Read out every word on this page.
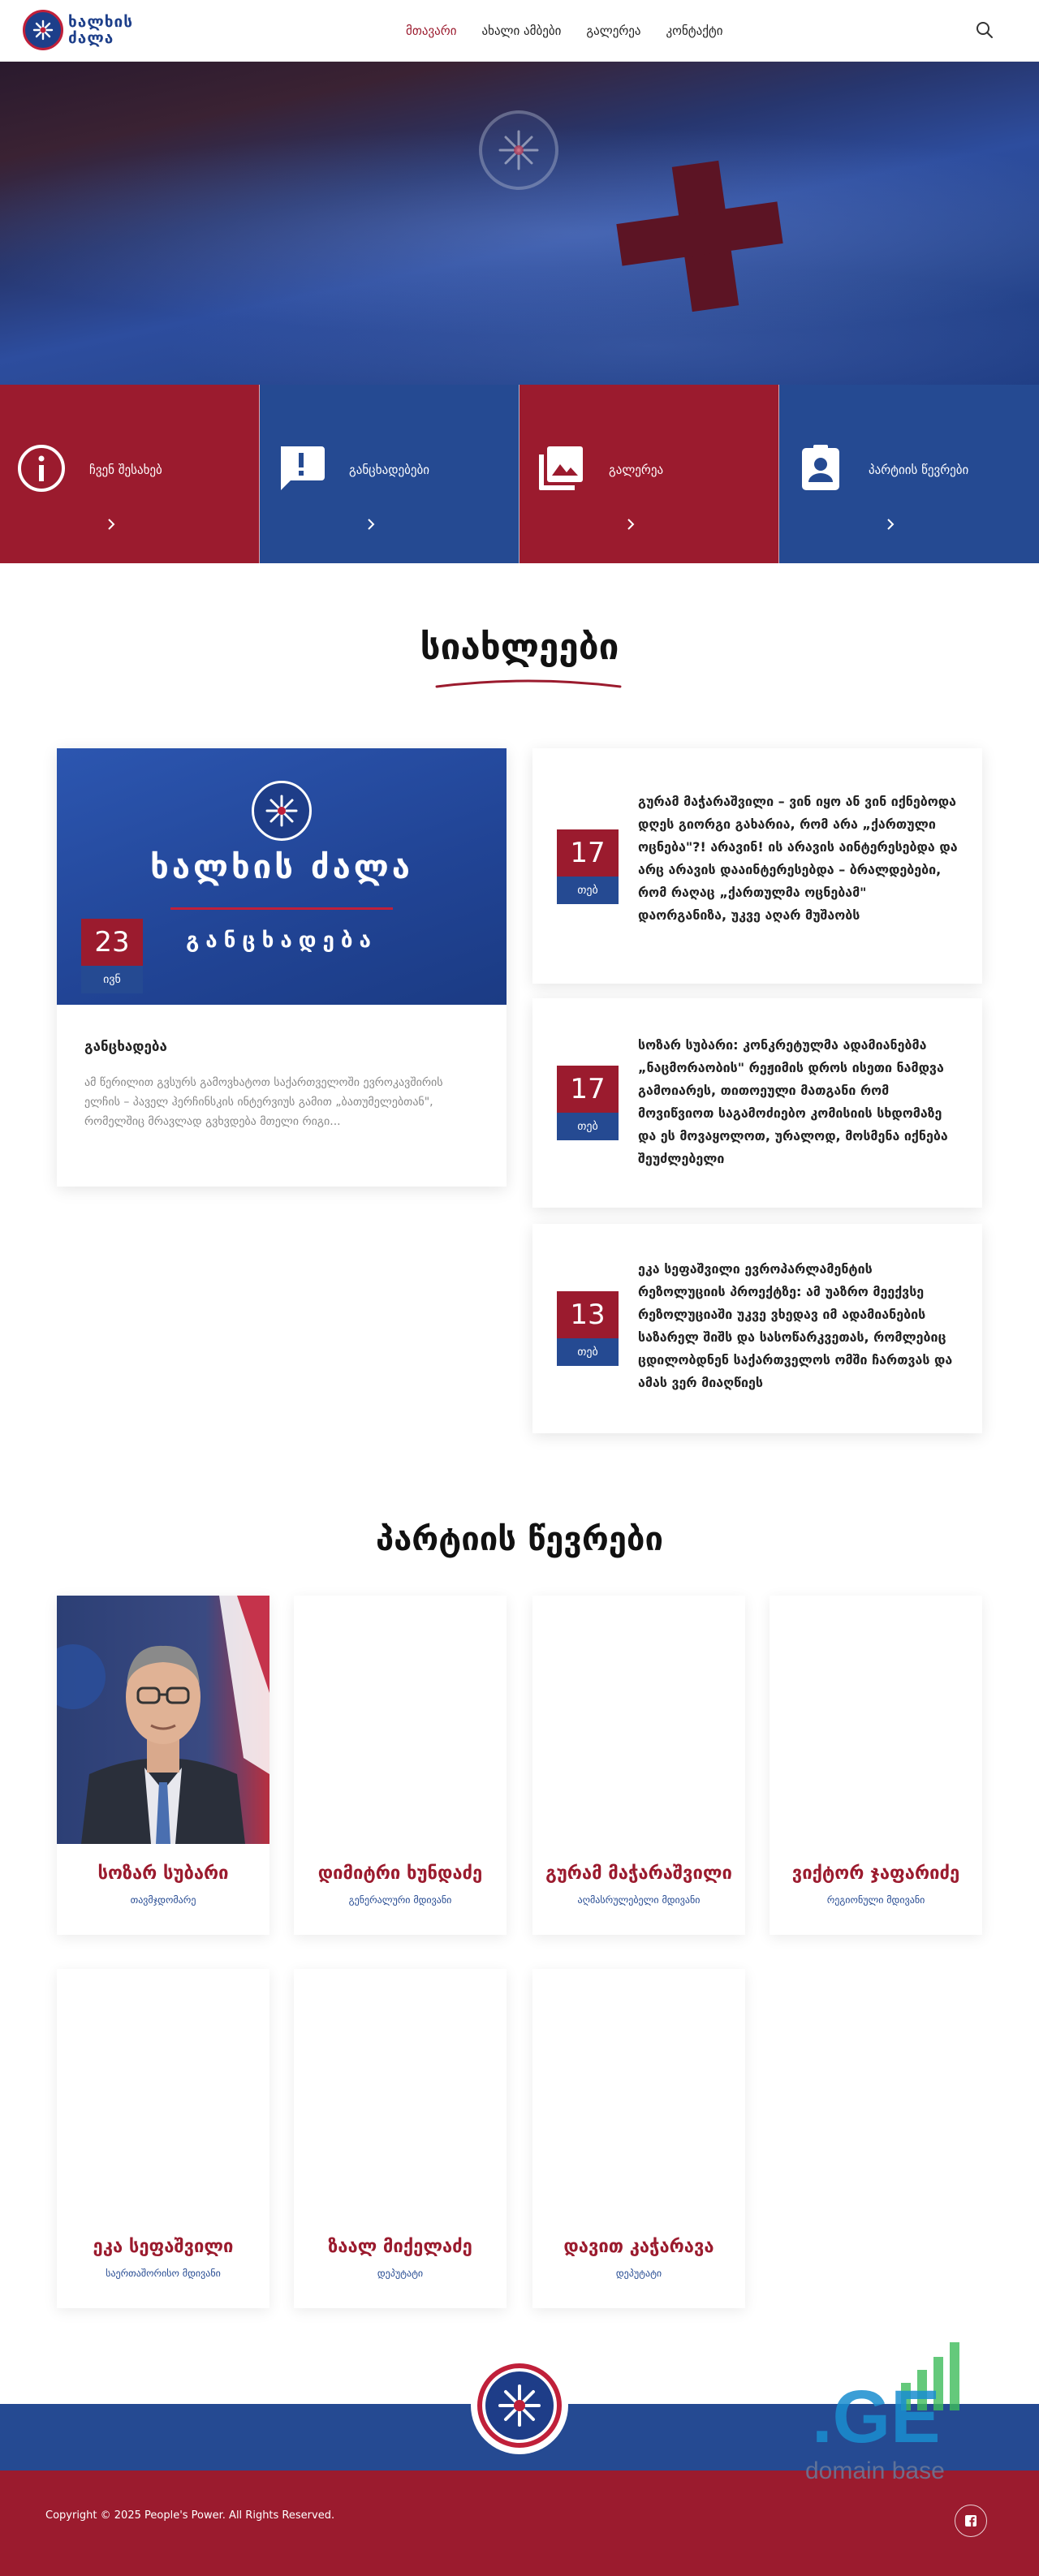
ხალხის
ძალა	მთავარი ახალი ამბები გალერეა კონტაქტი
ჩვენ შესახებ	განცხადებები	გალერეა	პარტიის წევრები
სიახლეები
ხალხის ძალა
განცხადება
23
ივნ
განცხადება
ამ წერილით გვსურს გამოვხატოთ საქართველოში ევროკავშირის ელჩის – პაველ ჰერჩინსკის ინტერვიუს გამით „ბათუმელებთან", რომელშიც მრავლად გვხვდება მთელი რიგი...
17
თებ
გურამ მაჭარაშვილი – ვინ იყო ან ვინ იქნებოდა დღეს გიორგი გახარია, რომ არა „ქართული ოცნება"?! არავინ! ის არავის აინტერესებდა და არც არავის დააინტერესებდა – ბრალდებები, რომ რაღაც „ქართულმა ოცნებამ" დაორგანიზა, უკვე აღარ მუშაობს
17
თებ
სოზარ სუბარი: კონკრეტულმა ადამიანებმა „ნაცმორაობის" რეჟიმის დროს ისეთი ნამდვა გამოიარეს, თითოეული მათგანი რომ მოვიწვიოთ საგამოძიებო კომისიის სხდომაზე და ეს მოვაყოლოთ, ურალოდ, მოსმენა იქნება შეუძლებელი
13
თებ
ეკა სეფაშვილი ევროპარლამენტის რეზოლუციის პროექტზე: ამ უაზრო მეექვსე რეზოლუციაში უკვე ვხედავ იმ ადამიანების საზარელ შიშს და სასოწარკვეთას, რომლებიც ცდილობდნენ საქართველოს ომში ჩართვას და ამას ვერ მიაღწიეს
პარტიის წევრები
სოზარ სუბარი
თავმჯდომარე
დიმიტრი ხუნდაძე
გენერალური მდივანი
გურამ მაჭარაშვილი
აღმასრულებელი მდივანი
ვიქტორ ჯაფარიძე
რეგიონული მდივანი
ეკა სეფაშვილი
საერთაშორისო მდივანი
ზაალ მიქელაძე
დეპუტატი
დავით კაჭარავა
დეპუტატი
.GE
domain base
Copyright © 2025 People's Power. All Rights Reserved.
